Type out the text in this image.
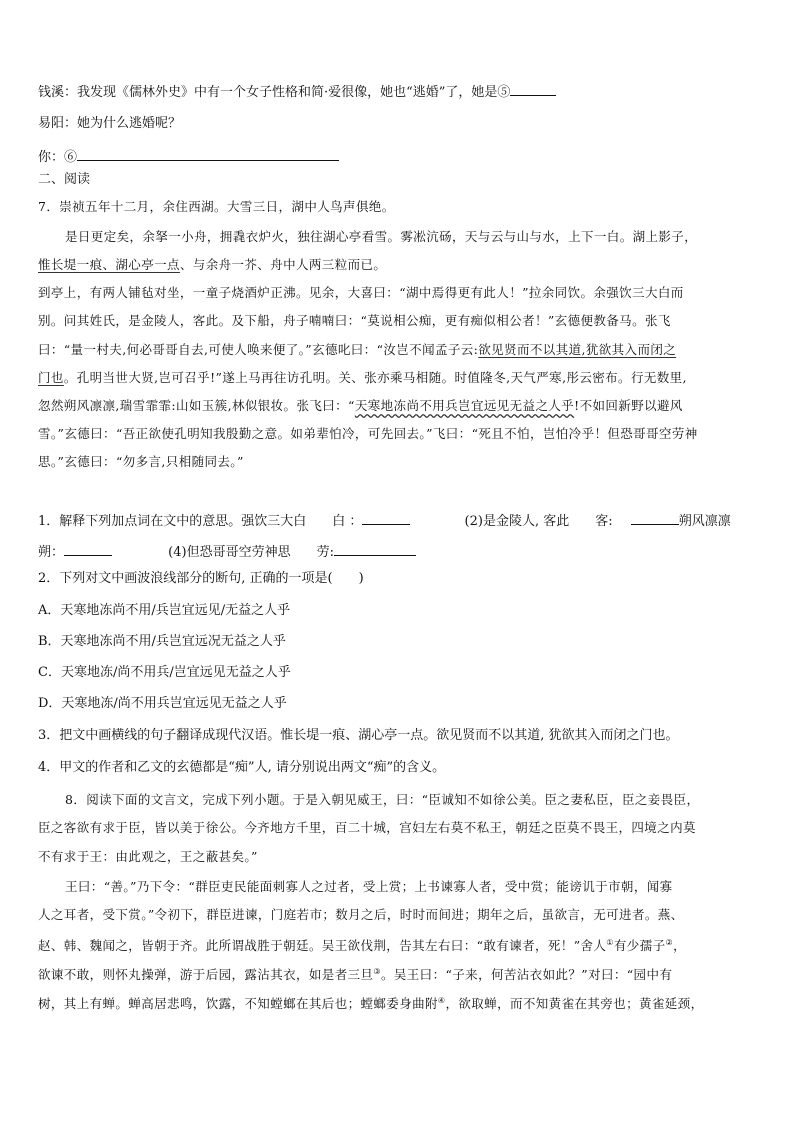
钱溪：我发现《儒林外史》中有一个女子性格和简·爱很像，她也“逃婚”了，她是⑤
易阳：她为什么逃婚呢？
你：⑥
二、阅读
7．崇祯五年十二月，余住西湖。大雪三日，湖中人鸟声俱绝。
是日更定矣，余拏一小舟，拥毳衣炉火，独往湖心亭看雪。雾凇沆砀，天与云与山与水，上下一白。湖上影子，
惟长堤一痕、湖心亭一点、与余舟一芥、舟中人两三粒而已。
到亭上，有两人铺毡对坐，一童子烧酒炉正沸。见余，大喜曰：“湖中焉得更有此人！”拉余同饮。余强饮三大白而
别。问其姓氏，是金陵人，客此。及下船，舟子喃喃曰：“莫说相公痴，更有痴似相公者！”玄德便教备马。张飞
曰：“量一村夫,何必哥哥自去,可使人唤来便了。”玄德叱曰：“汝岂不闻孟子云:欲见贤而不以其道,犹欲其入而闭之
门也。孔明当世大贤,岂可召乎!”遂上马再往访孔明。关、张亦乘马相随。时值隆冬,天气严寒,彤云密布。行无数里,
忽然朔风凛凛,瑞雪霏霏:山如玉簇,林似银妆。张飞曰：“天寒地冻尚不用兵岂宜远见无益之人乎!不如回新野以避风
雪。”玄德曰：“吾正欲使孔明知我殷勤之意。如弟辈怕冷，可先回去。”飞曰：“死且不怕，岂怕冷乎！但恐哥哥空劳神
思。”玄德曰：“勿多言,只相随同去。”
1．解释下列加点词在文中的意思。强饮三大白　　白 ：	(2)是金陵人, 客此　　客:	朔风凛凛
朔：	(4)但恐哥哥空劳神思　　劳:
2．下列对文中画波浪线部分的断句, 正确的一项是(　　)
A．天寒地冻尚不用/兵岂宜远见/无益之人乎
B．天寒地冻尚不用/兵岂宜远况无益之人乎
C．天寒地冻/尚不用兵/岂宜远见无益之人乎
D．天寒地冻/尚不用兵岂宜远见无益之人乎
3．把文中画横线的句子翻译成现代汉语。惟长堤一痕、湖心亭一点。欲见贤而不以其道, 犹欲其入而闭之门也。
4．甲文的作者和乙文的玄德都是“痴”人, 请分别说出两文“痴”的含义。
8．阅读下面的文言文，完成下列小题。于是入朝见威王，曰：“臣诚知不如徐公美。臣之妻私臣，臣之妾畏臣，
臣之客欲有求于臣，皆以美于徐公。今齐地方千里，百二十城，宫妇左右莫不私王，朝廷之臣莫不畏王，四境之内莫
不有求于王：由此观之，王之蔽甚矣。”
王曰：“善。”乃下令：“群臣吏民能面刺寡人之过者，受上赏；上书谏寡人者，受中赏；能谤讥于市朝，闻寡
人之耳者，受下赏。”令初下，群臣进谏，门庭若市；数月之后，时时而间进；期年之后，虽欲言，无可进者。燕、
赵、韩、魏闻之，皆朝于齐。此所谓战胜于朝廷。吴王欲伐荆，告其左右曰：“敢有谏者，死！”舍人①有少孺子②，
欲谏不敢，则怀丸操弹，游于后园，露沾其衣，如是者三旦③。吴王曰：“子来，何苦沾衣如此？”对曰：“园中有
树，其上有蝉。蝉高居悲鸣，饮露，不知螳螂在其后也；螳螂委身曲附④，欲取蝉，而不知黄雀在其旁也；黄雀延颈，
